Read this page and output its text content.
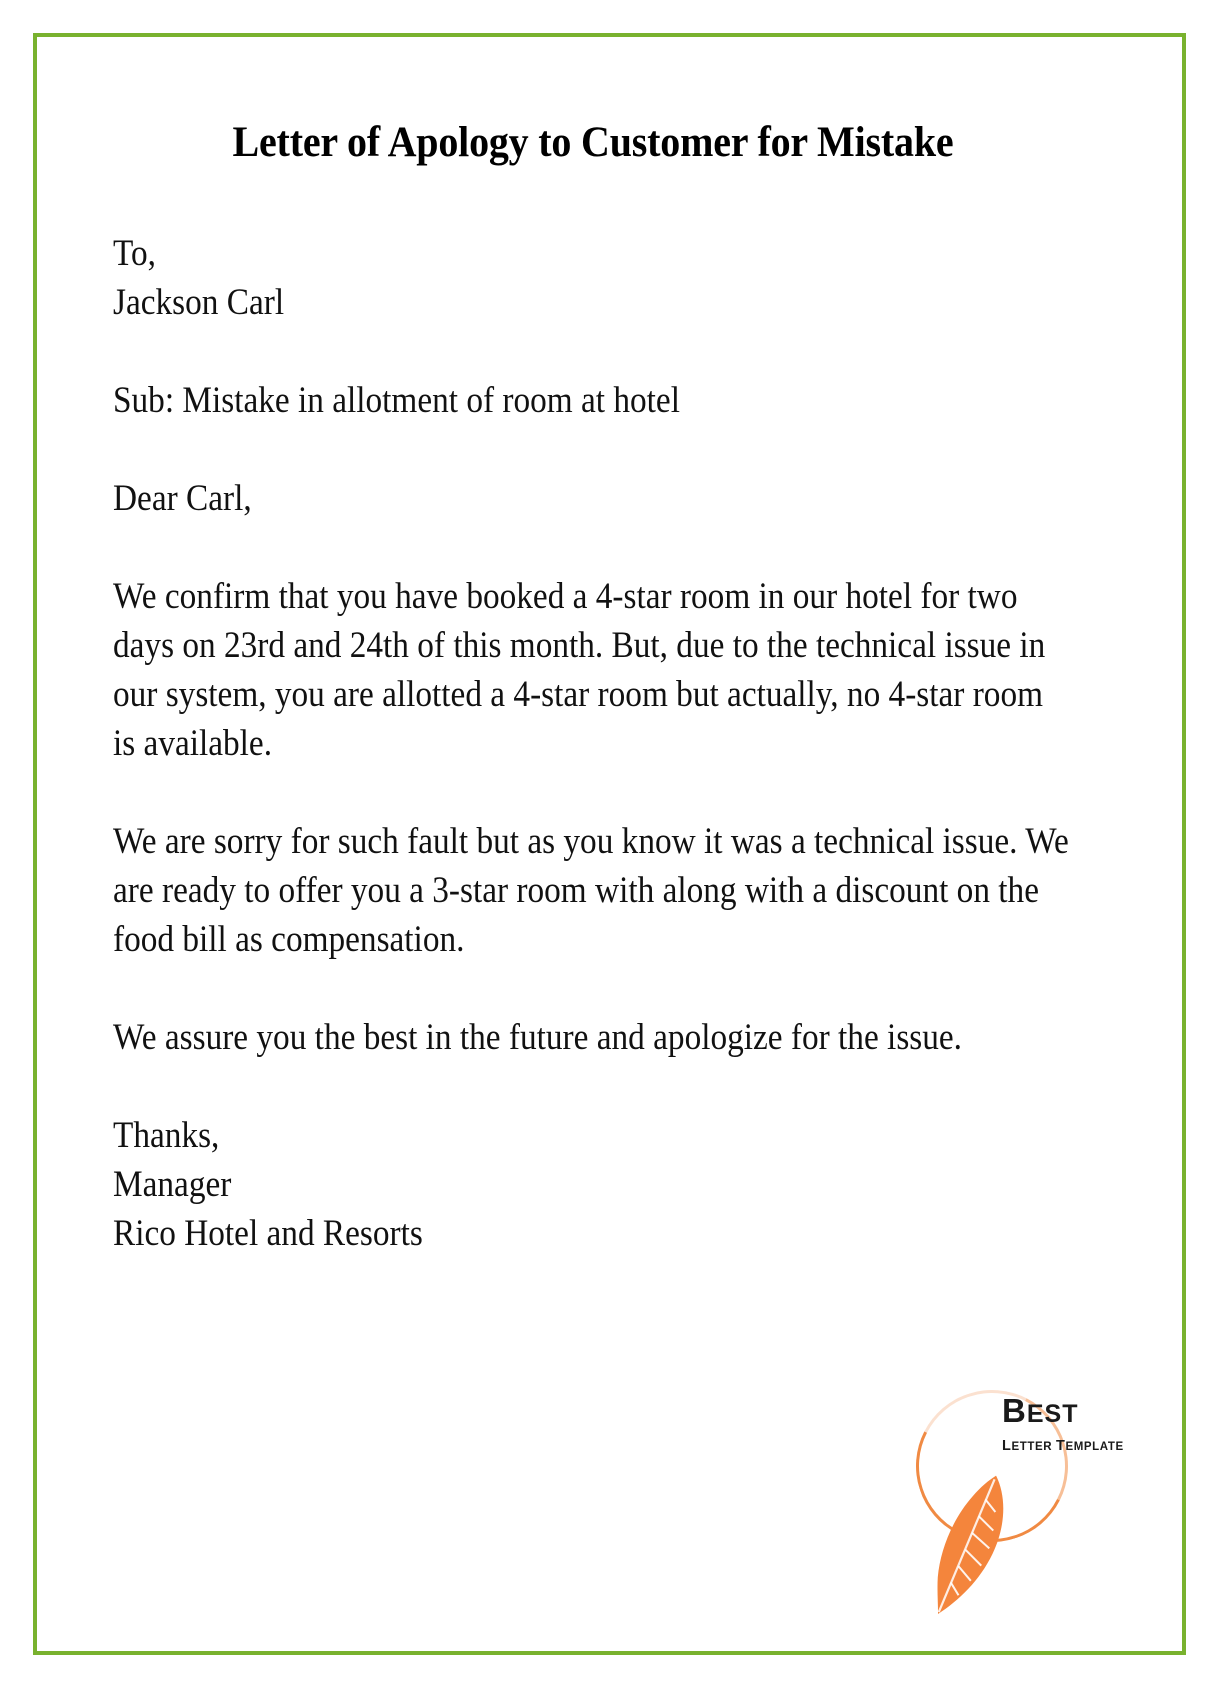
Letter of Apology to Customer for Mistake

To,
Jackson Carl

Sub: Mistake in allotment of room at hotel

Dear Carl,

We confirm that you have booked a 4-star room in our hotel for two days on 23rd and 24th of this month. But, due to the technical issue in our system, you are allotted a 4-star room but actually, no 4-star room is available.

We are sorry for such fault but as you know it was a technical issue. We are ready to offer you a 3-star room with along with a discount on the food bill as compensation.

We assure you the best in the future and apologize for the issue.

Thanks,
Manager
Rico Hotel and Resorts

BEST
LETTER TEMPLATE
